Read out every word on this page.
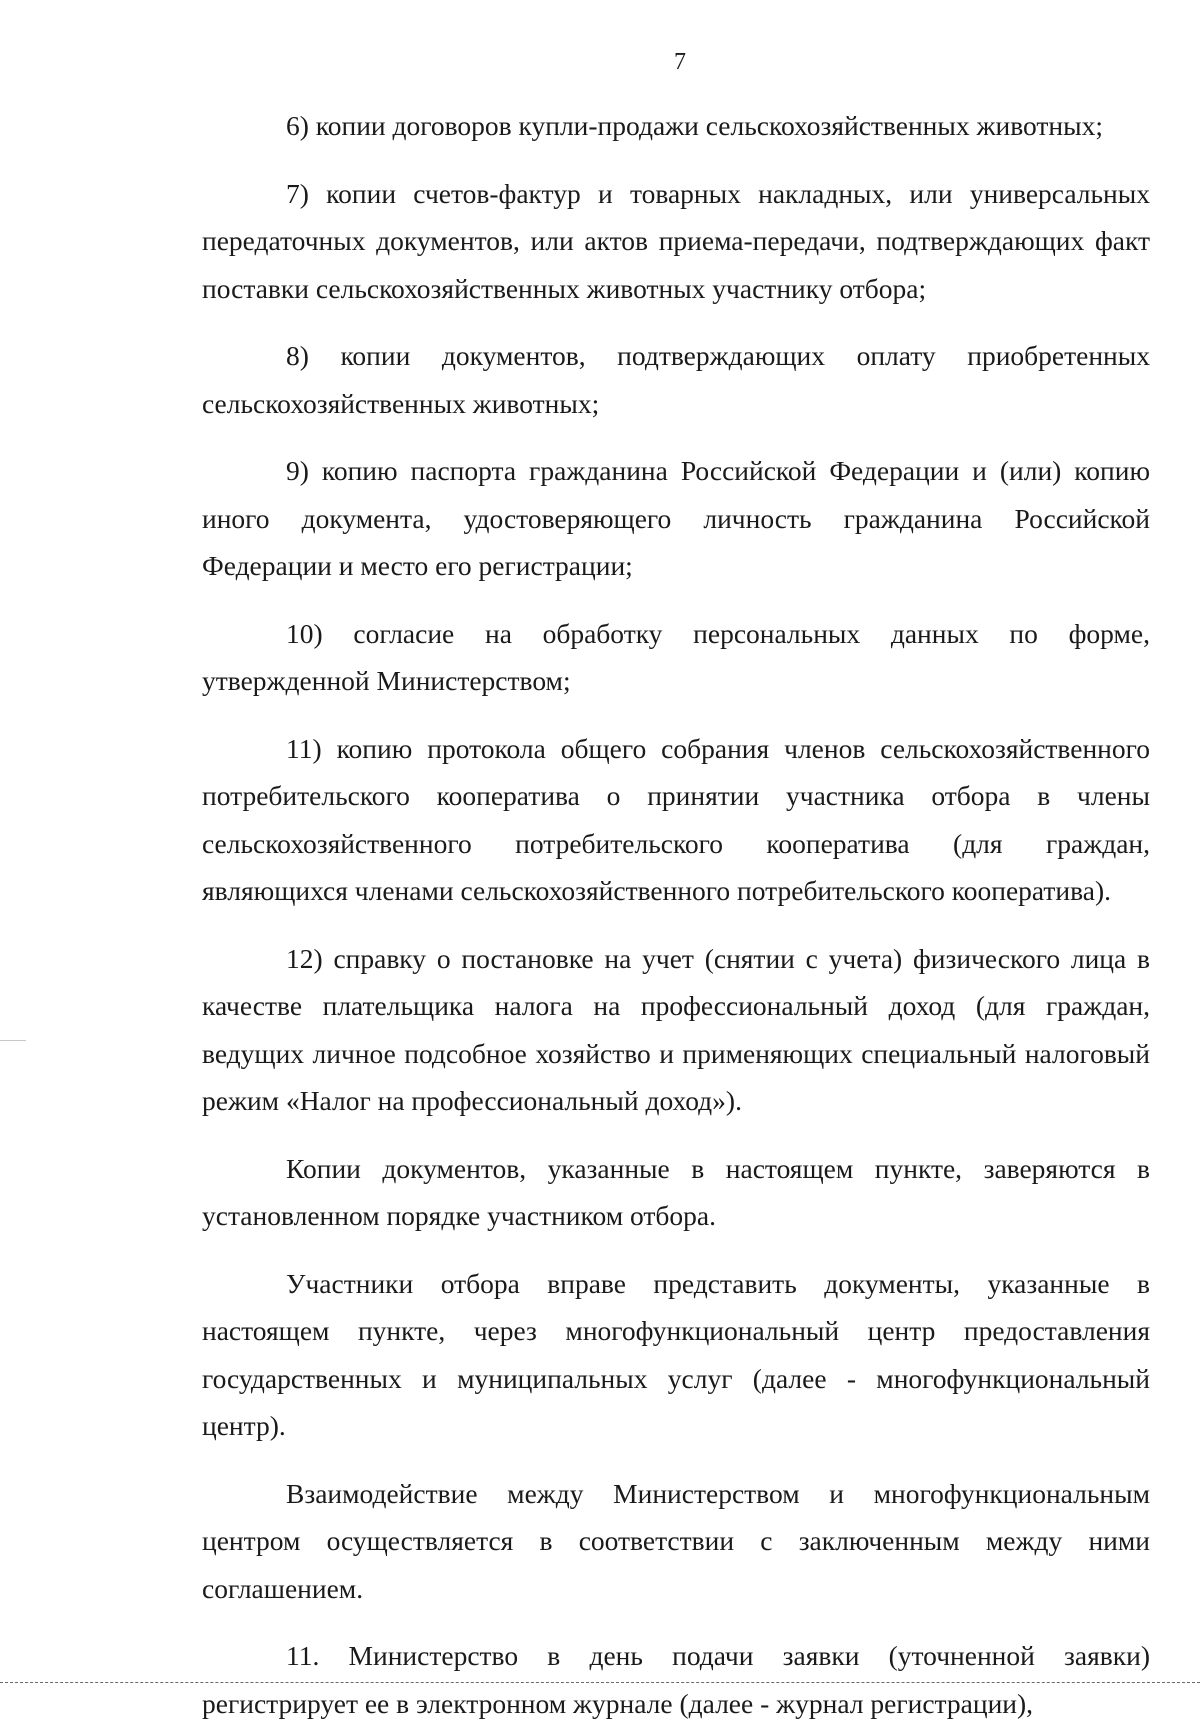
7

6) копии договоров купли-продажи сельскохозяйственных животных;

7) копии счетов-фактур и товарных накладных, или универсальных передаточных документов, или актов приема-передачи, подтверждающих факт поставки сельскохозяйственных животных участнику отбора;

8) копии документов, подтверждающих оплату приобретенных сельскохозяйственных животных;

9) копию паспорта гражданина Российской Федерации и (или) копию иного документа, удостоверяющего личность гражданина Российской Федерации и место его регистрации;

10) согласие на обработку персональных данных по форме, утвержденной Министерством;

11) копию протокола общего собрания членов сельскохозяйственного потребительского кооператива о принятии участника отбора в члены сельскохозяйственного потребительского кооператива (для граждан, являющихся членами сельскохозяйственного потребительского кооператива).

12) справку о постановке на учет (снятии с учета) физического лица в качестве плательщика налога на профессиональный доход (для граждан, ведущих личное подсобное хозяйство и применяющих специальный налоговый режим «Налог на профессиональный доход»).

Копии документов, указанные в настоящем пункте, заверяются в установленном порядке участником отбора.

Участники отбора вправе представить документы, указанные в настоящем пункте, через многофункциональный центр предоставления государственных и муниципальных услуг (далее - многофункциональный центр).

Взаимодействие между Министерством и многофункциональным центром осуществляется в соответствии с заключенным между ними соглашением.

11. Министерство в день подачи заявки (уточненной заявки) регистрирует ее в электронном журнале (далее - журнал регистрации),
